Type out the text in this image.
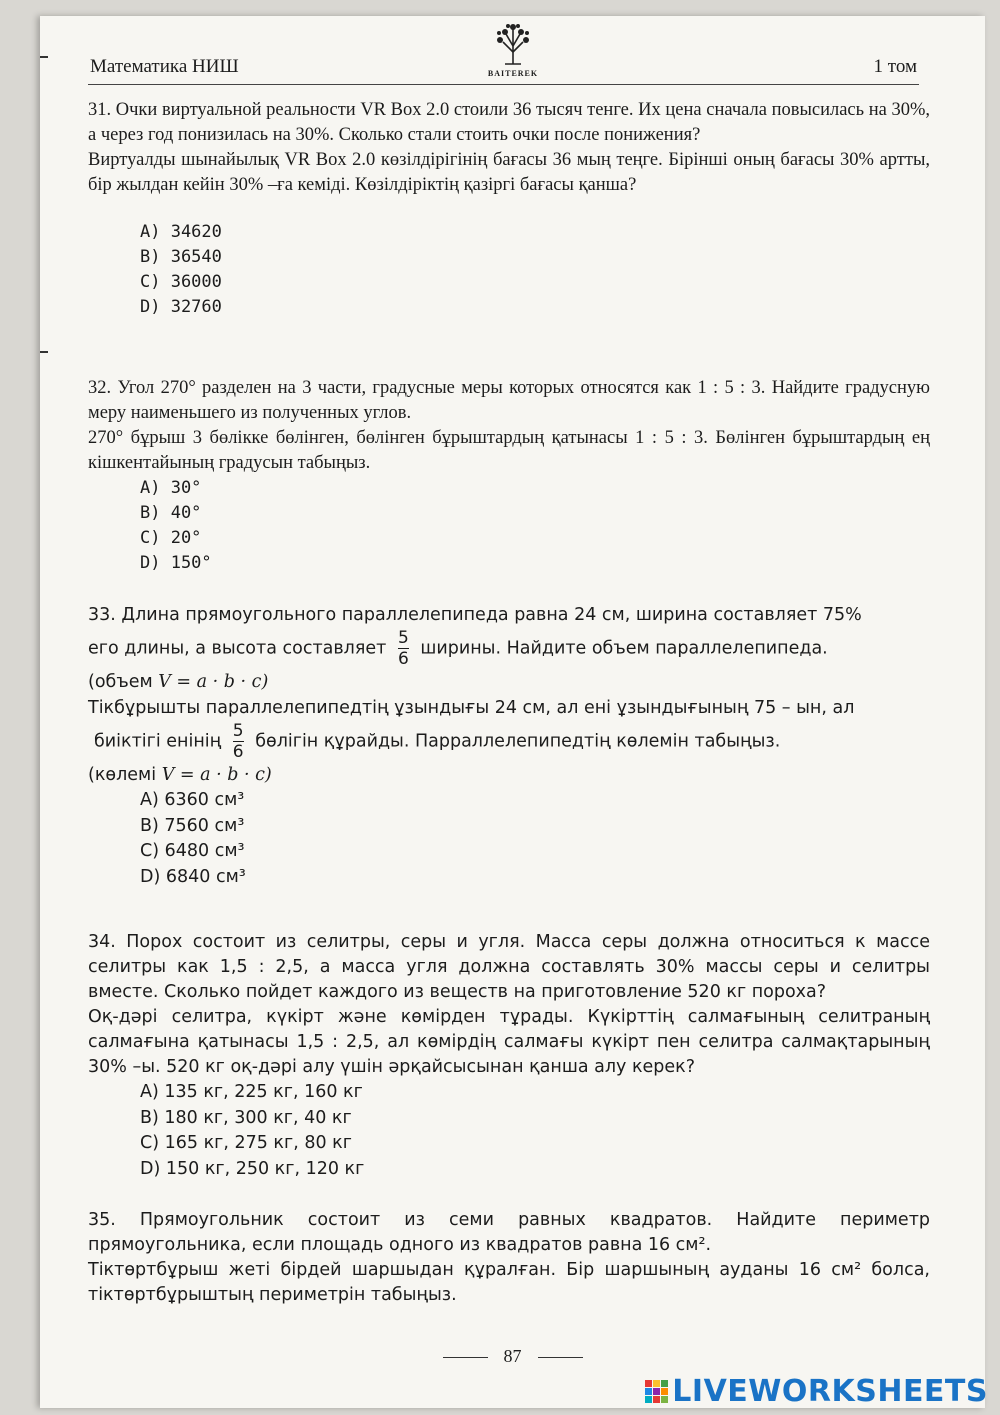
Математика НИШ	BAITEREK	1 том
31. Очки виртуальной реальности VR Box 2.0 стоили 36 тысяч тенге. Их цена сначала повысилась на 30%, а через год понизилась на 30%. Сколько стали стоить очки после понижения?
Виртуалды шынайылық VR Box 2.0 көзілдірігінің бағасы 36 мың теңге. Бірінші оның бағасы 30% артты, бір жылдан кейін 30% –ға кеміді. Көзілдіріктің қазіргі бағасы қанша?
A) 34620
B) 36540
C) 36000
D) 32760
32. Угол 270° разделен на 3 части, градусные меры которых относятся как 1 : 5 : 3. Найдите градусную меру наименьшего из полученных углов.
270° бұрыш 3 бөлікке бөлінген, бөлінген бұрыштардың қатынасы 1 : 5 : 3. Бөлінген бұрыштардың ең кішкентайының градусын табыңыз.
A) 30°
B) 40°
C) 20°
D) 150°
33. Длина прямоугольного параллелепипеда равна 24 см, ширина составляет 75%
его длины, а высота составляет $\frac{5}{6}$ ширины. Найдите объем параллелепипеда.
(объем V = a · b · c)
Тікбұрышты параллелепипедтің ұзындығы 24 см, ал ені ұзындығының 75 – ын, ал
биіктігі енінің $\frac{5}{6}$ бөлігін құрайды. Парраллелепипедтің көлемін табыңыз.
(көлемі V = a · b · c)
A) 6360 см³
B) 7560 см³
C) 6480 см³
D) 6840 см³
34. Порох состоит из селитры, серы и угля. Масса серы должна относиться к массе селитры как 1,5 : 2,5, а масса угля должна составлять 30% массы серы и селитры вместе. Сколько пойдет каждого из веществ на приготовление 520 кг пороха?
Оқ-дәрі селитра, күкірт және көмірден тұрады. Күкірттің салмағының селитраның салмағына қатынасы 1,5 : 2,5, ал көмірдің салмағы күкірт пен селитра салмақтарының 30% –ы. 520 кг оқ-дәрі алу үшін әрқайсысынан қанша алу керек?
A) 135 кг, 225 кг, 160 кг
B) 180 кг, 300 кг, 40 кг
C) 165 кг, 275 кг, 80 кг
D) 150 кг, 250 кг, 120 кг
35. Прямоугольник состоит из семи равных квадратов. Найдите периметр прямоугольника, если площадь одного из квадратов равна 16 см².
Тіктөртбұрыш жеті бірдей шаршыдан құралған. Бір шаршының ауданы 16 см² болса, тіктөртбұрыштың периметрін табыңыз.
87
LIVEWORKSHEETS
